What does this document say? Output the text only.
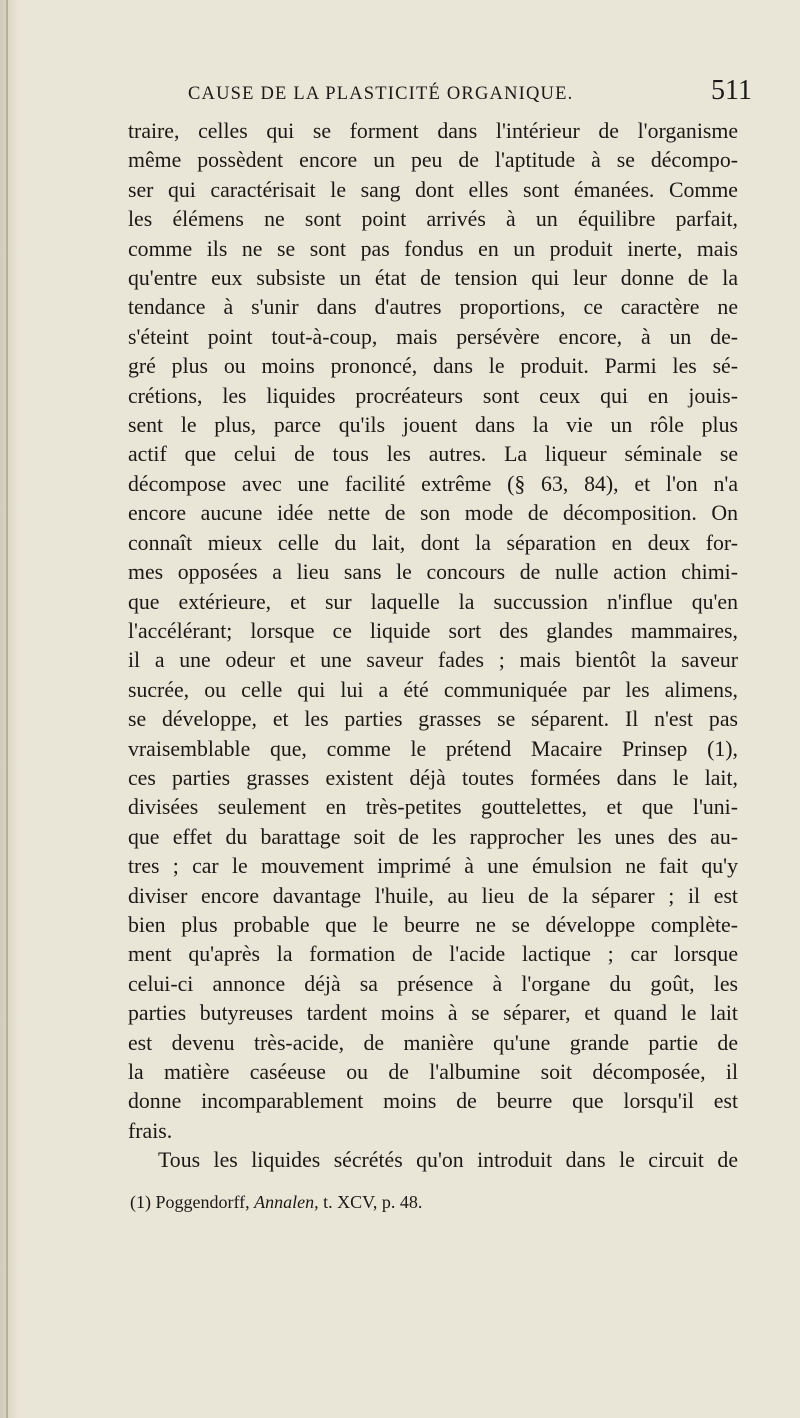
CAUSE DE LA PLASTICITÉ ORGANIQUE.	511
traire, celles qui se forment dans l'intérieur de l'organisme
même possèdent encore un peu de l'aptitude à se décompo-
ser qui caractérisait le sang dont elles sont émanées. Comme
les élémens ne sont point arrivés à un équilibre parfait,
comme ils ne se sont pas fondus en un produit inerte, mais
qu'entre eux subsiste un état de tension qui leur donne de la
tendance à s'unir dans d'autres proportions, ce caractère ne
s'éteint point tout-à-coup, mais persévère encore, à un de-
gré plus ou moins prononcé, dans le produit. Parmi les sé-
crétions, les liquides procréateurs sont ceux qui en jouis-
sent le plus, parce qu'ils jouent dans la vie un rôle plus
actif que celui de tous les autres. La liqueur séminale se
décompose avec une facilité extrême (§ 63, 84), et l'on n'a
encore aucune idée nette de son mode de décomposition. On
connaît mieux celle du lait, dont la séparation en deux for-
mes opposées a lieu sans le concours de nulle action chimi-
que extérieure, et sur laquelle la succussion n'influe qu'en
l'accélérant; lorsque ce liquide sort des glandes mammaires,
il a une odeur et une saveur fades ; mais bientôt la saveur
sucrée, ou celle qui lui a été communiquée par les alimens,
se développe, et les parties grasses se séparent. Il n'est pas
vraisemblable que, comme le prétend Macaire Prinsep (1),
ces parties grasses existent déjà toutes formées dans le lait,
divisées seulement en très-petites gouttelettes, et que l'uni-
que effet du barattage soit de les rapprocher les unes des au-
tres ; car le mouvement imprimé à une émulsion ne fait qu'y
diviser encore davantage l'huile, au lieu de la séparer ; il est
bien plus probable que le beurre ne se développe complète-
ment qu'après la formation de l'acide lactique ; car lorsque
celui-ci annonce déjà sa présence à l'organe du goût, les
parties butyreuses tardent moins à se séparer, et quand le lait
est devenu très-acide, de manière qu'une grande partie de
la matière caséeuse ou de l'albumine soit décomposée, il
donne incomparablement moins de beurre que lorsqu'il est
frais.
Tous les liquides sécrétés qu'on introduit dans le circuit de
(1) Poggendorff, Annalen, t. XCV, p. 48.
